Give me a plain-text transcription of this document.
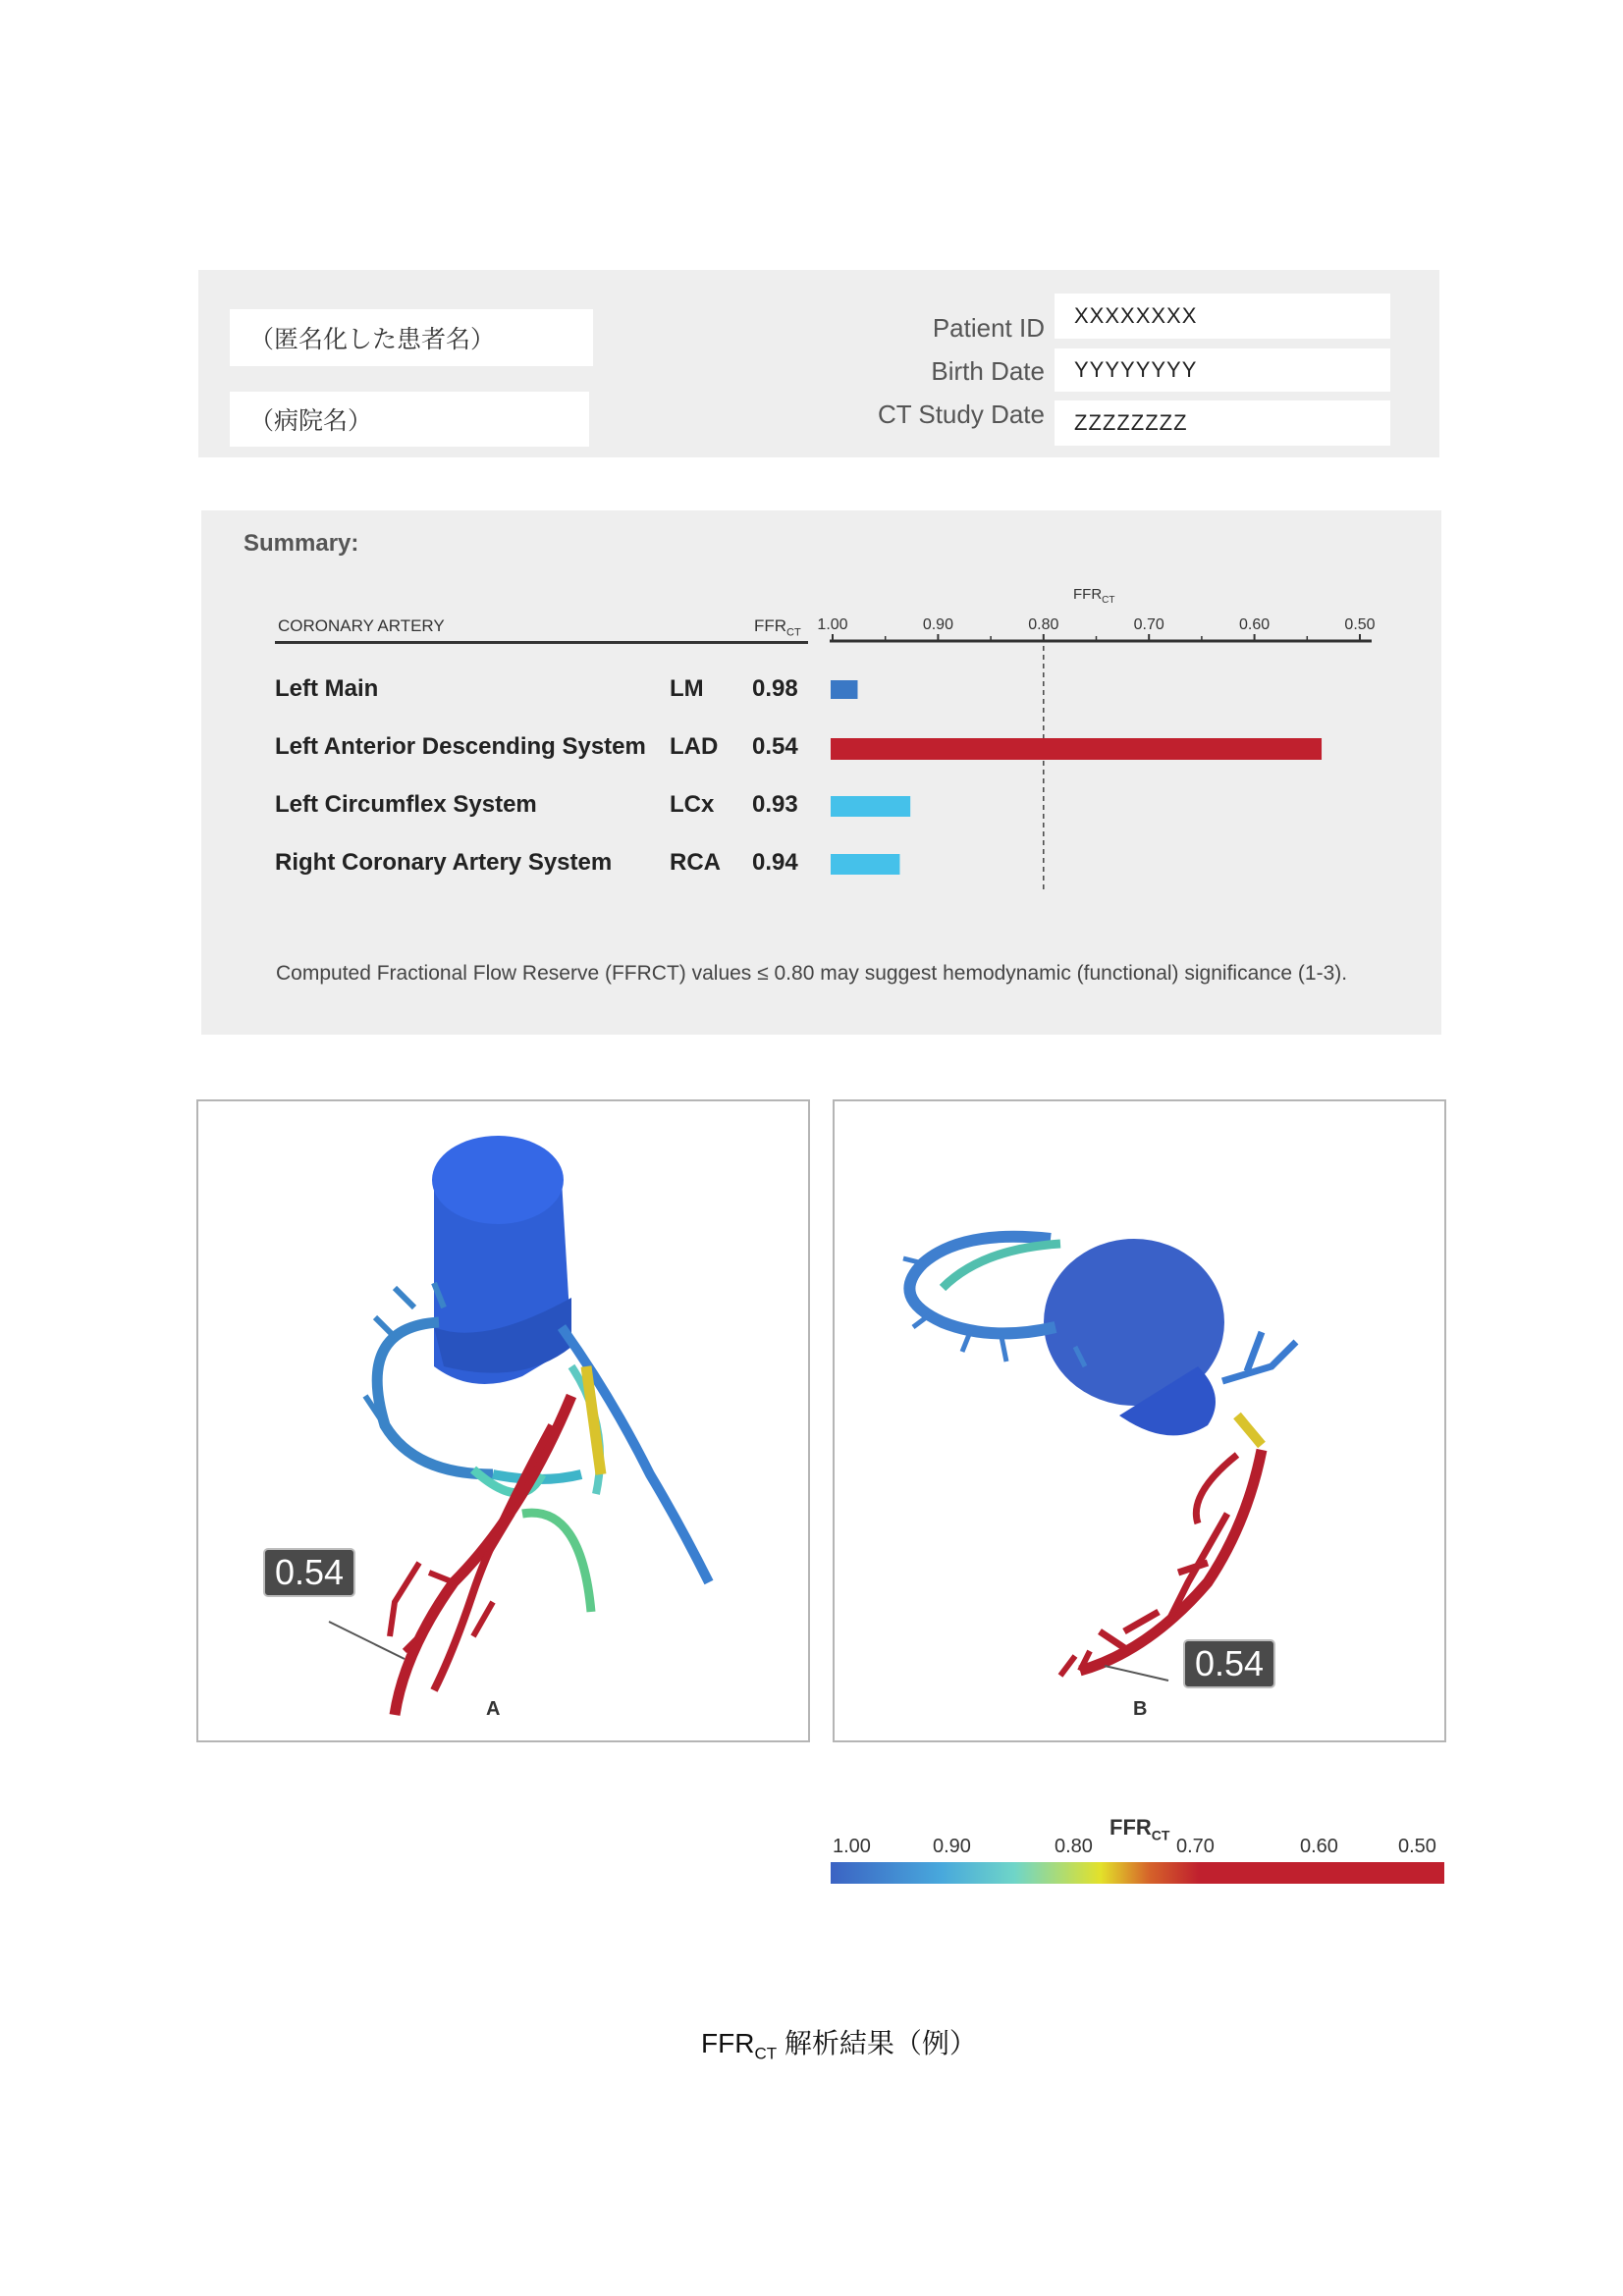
（匿名化した患者名）
（病院名）
Patient ID XXXXXXXX
Birth Date YYYYYYYY
CT Study Date ZZZZZZZZ
Summary:
CORONARY ARTERY	$FFR_{CT}$
$FFR_{CT}$
Left Main	LM 0.98
Left Anterior Descending System LAD 0.54
Left Circumflex System	LCx 0.93
Right Coronary Artery System RCA 0.94
1.00	0.90	0.80	0.70	0.60	0.50
Computed Fractional Flow Reserve (FFRCT) values ≤ 0.80 may suggest hemodynamic (functional) significance (1-3).
0.54
A
0.54
B
$FFR_{CT}$
1.00	0.90	0.80	0.70	0.60	0.50
$FFR_{CT}$ 解析結果（例）
